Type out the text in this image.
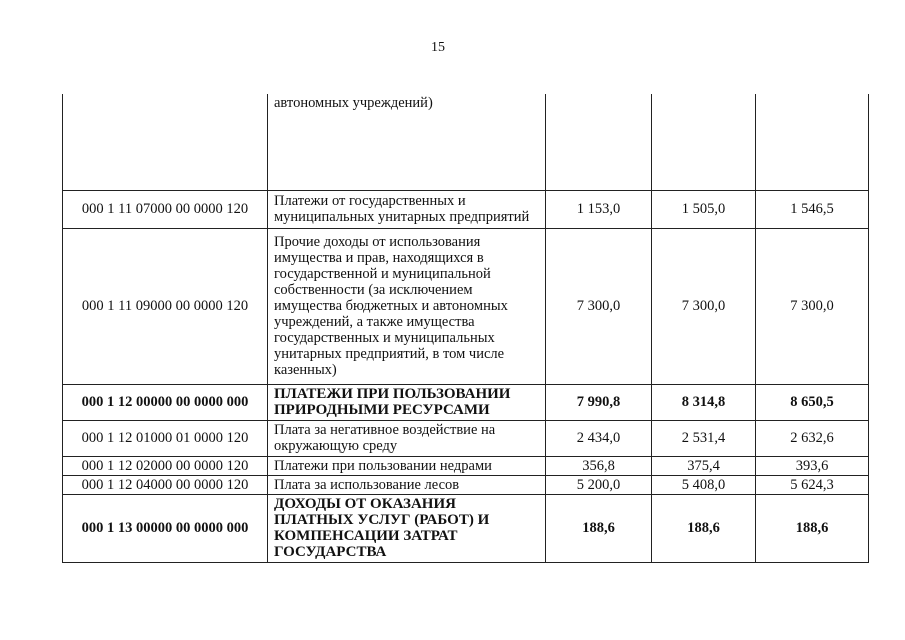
15
	автономных учреждений)			
000 1 11 07000 00 0000 120	Платежи от государственных и муниципальных унитарных предприятий	1 153,0	1 505,0	1 546,5
000 1 11 09000 00 0000 120	Прочие доходы от использования имущества и прав, находящихся в государственной и муниципальной собственности (за исключением имущества бюджетных и автономных учреждений, а также имущества государственных и муниципальных унитарных предприятий, в том числе казенных)	7 300,0	7 300,0	7 300,0
000 1 12 00000 00 0000 000	ПЛАТЕЖИ ПРИ ПОЛЬЗОВАНИИ ПРИРОДНЫМИ РЕСУРСАМИ	7 990,8	8 314,8	8 650,5
000 1 12 01000 01 0000 120	Плата за негативное воздействие на окружающую среду	2 434,0	2 531,4	2 632,6
000 1 12 02000 00 0000 120	Платежи при пользовании недрами	356,8	375,4	393,6
000 1 12 04000 00 0000 120	Плата за использование лесов	5 200,0	5 408,0	5 624,3
000 1 13 00000 00 0000 000	ДОХОДЫ ОТ ОКАЗАНИЯ ПЛАТНЫХ УСЛУГ (РАБОТ) И КОМПЕНСАЦИИ ЗАТРАТ ГОСУДАРСТВА	188,6	188,6	188,6
